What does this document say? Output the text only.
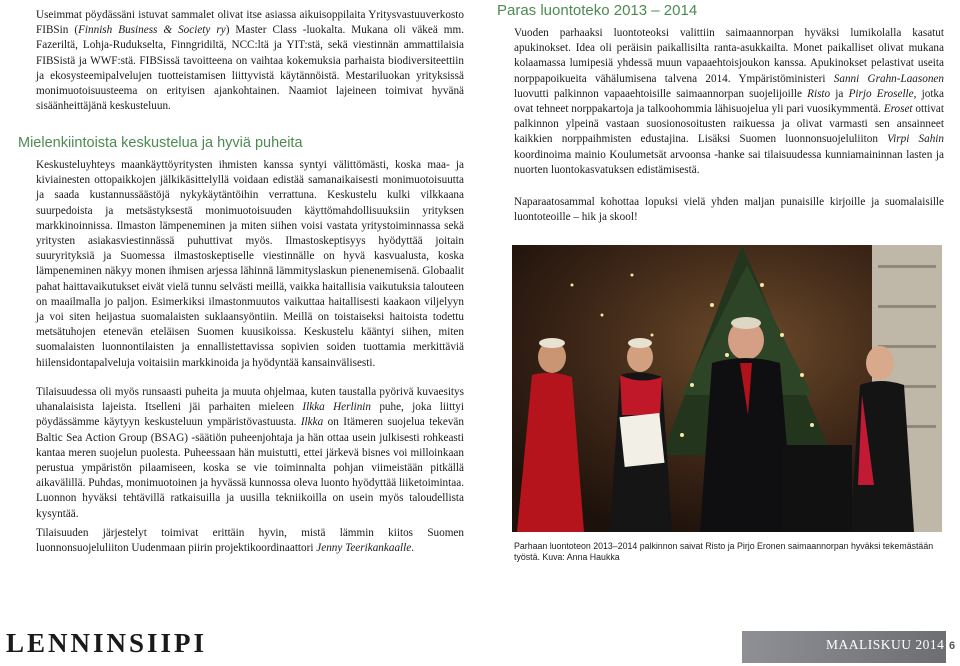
Useimmat pöydässäni istuvat sammalet olivat itse asiassa aikuisoppilaita Yritysvastuuverkosto FIBSin (Finnish Business & Society ry) Master Class -luokalta. Mukana oli väkeä mm. Fazeriltä, Lohja-Rudukselta, Finngridiltä, NCC:ltä ja YIT:stä, sekä viestinnän ammattilaisia FIBSistä ja WWF:stä. FIBSissä tavoitteena on vaihtaa kokemuksia parhaista biodiversiteettiin ja ekosysteemipalvelujen tuotteistamisen liittyvistä käytännöistä. Mestariluokan yrityksissä monimuotoisuusteema on erityisen ajankohtainen. Naamiot lajeineen toimivat hyvänä sisäänheittäjänä keskusteluun.

Mielenkiintoista keskustelua ja hyviä puheita

Keskusteluyhteys maankäyttöyritysten ihmisten kanssa syntyi välittömästi, koska maa- ja kiviainesten ottopaikkojen jälkikäsittelyllä voidaan edistää samanaikaisesti monimuotoisuutta ja saada kustannussäästöjä nykykäytäntöihin verrattuna. Keskustelu kulki vilkkaana suurpedoista ja metsästyksestä monimuotoisuuden käyttömahdollisuuksiin yrityksen markkinoinnissa. Ilmaston lämpeneminen ja miten siihen voisi vastata yritystoiminnassa sekä yritysten asiakasviestinnässä puhuttivat myös. Ilmastoskeptisyys hyödyttää joitain suuryrityksiä ja Suomessa ilmastoskeptiselle viestinnälle on hyvä kasvualusta, koska lämpeneminen näkyy monen ihmisen arjessa lähinnä lämmityslaskun pienenemisenä. Globaalit pahat haittavaikutukset eivät vielä tunnu selvästi meillä, vaikka haitallisia vaikutuksia talouteen on maailmalla jo paljon. Esimerkiksi ilmastonmuutos vaikuttaa haitallisesti kaakaon viljelyyn ja voi siten heijastua suomalaisten suklaansyöntiin. Meillä on toistaiseksi haitoista todettu metsätuhojen etenevän eteläisen Suomen kuusikoissa. Keskustelu kääntyi siihen, miten suomalaisten luonnontilaisten ja ennallistettavissa sopivien soiden tuottamia merkittäviä hiilensidontapalveluja voitaisiin markkinoida ja hyödyntää kansainvälisesti.

Tilaisuudessa oli myös runsaasti puheita ja muuta ohjelmaa, kuten taustalla pyörivä kuvaesitys uhanalaisista lajeista. Itselleni jäi parhaiten mieleen Ilkka Herlinin puhe, joka liittyi pöydässämme käytyyn keskusteluun ympäristövastuusta. Ilkka on Itämeren suojelua tekevän Baltic Sea Action Group (BSAG) -säätiön puheenjohtaja ja hän ottaa usein julkisesti rohkeasti kantaa meren suojelun puolesta. Puheessaan hän muistutti, ettei järkevä bisnes voi milloinkaan perustua ympäristön pilaamiseen, koska se vie toiminnalta pohjan viimeistään pitkällä aikavälillä. Puhdas, monimuotoinen ja hyvässä kunnossa oleva luonto hyödyttää liiketoimintaa. Luonnon hyväksi tehtävillä ratkaisuilla ja uusilla tekniikoilla on usein myös taloudellista kysyntää.

Tilaisuuden järjestelyt toimivat erittäin hyvin, mistä lämmin kiitos Suomen luonnonsuojeluliiton Uudenmaan piirin projektikoordinaattori Jenny Teerikankaalle.

Paras luontoteko 2013 – 2014

Vuoden parhaaksi luontoteoksi valittiin saimaannorpan hyväksi lumikolalla kasatut apukinokset. Idea oli peräisin paikallisilta ranta-asukkailta. Monet paikalliset olivat mukana kolaamassa lumipesiä yhdessä muun vapaaehtoisjoukon kanssa. Apukinokset pelastivat useita norppapoikueita vähälumisena talvena 2014. Ympäristöministeri Sanni Grahn-Laasonen luovutti palkinnon vapaaehtoisille saimaannorpan suojelijoille Risto ja Pirjo Eroselle, jotka ovat tehneet norppakartoja ja talkoohommia lähisuojelua yli pari vuosikymmentä. Eroset ottivat palkinnon ylpeinä vastaan suosionosoitusten raikuessa ja olivat varmasti sen ansainneet kaikkien norppaihmisten edustajina. Lisäksi Suomen luonnonsuojeluliiton Virpi Sahin koordinoima mainio Koulumetsät arvoonsa -hanke sai tilaisuudessa kunniamaininnan lasten ja nuorten luontokasvatuksen edistämisestä.

Naparaatosammal kohottaa lopuksi vielä yhden maljan punaisille kirjoille ja suomalaisille luontoteoille – hik ja skool!

Parhaan luontoteon 2013–2014 palkinnon saivat Risto ja Pirjo Eronen saimaannorpan hyväksi tekemästään työstä. Kuva: Anna Haukka
LENNINSIIPI	MAALISKUU 2014 6
